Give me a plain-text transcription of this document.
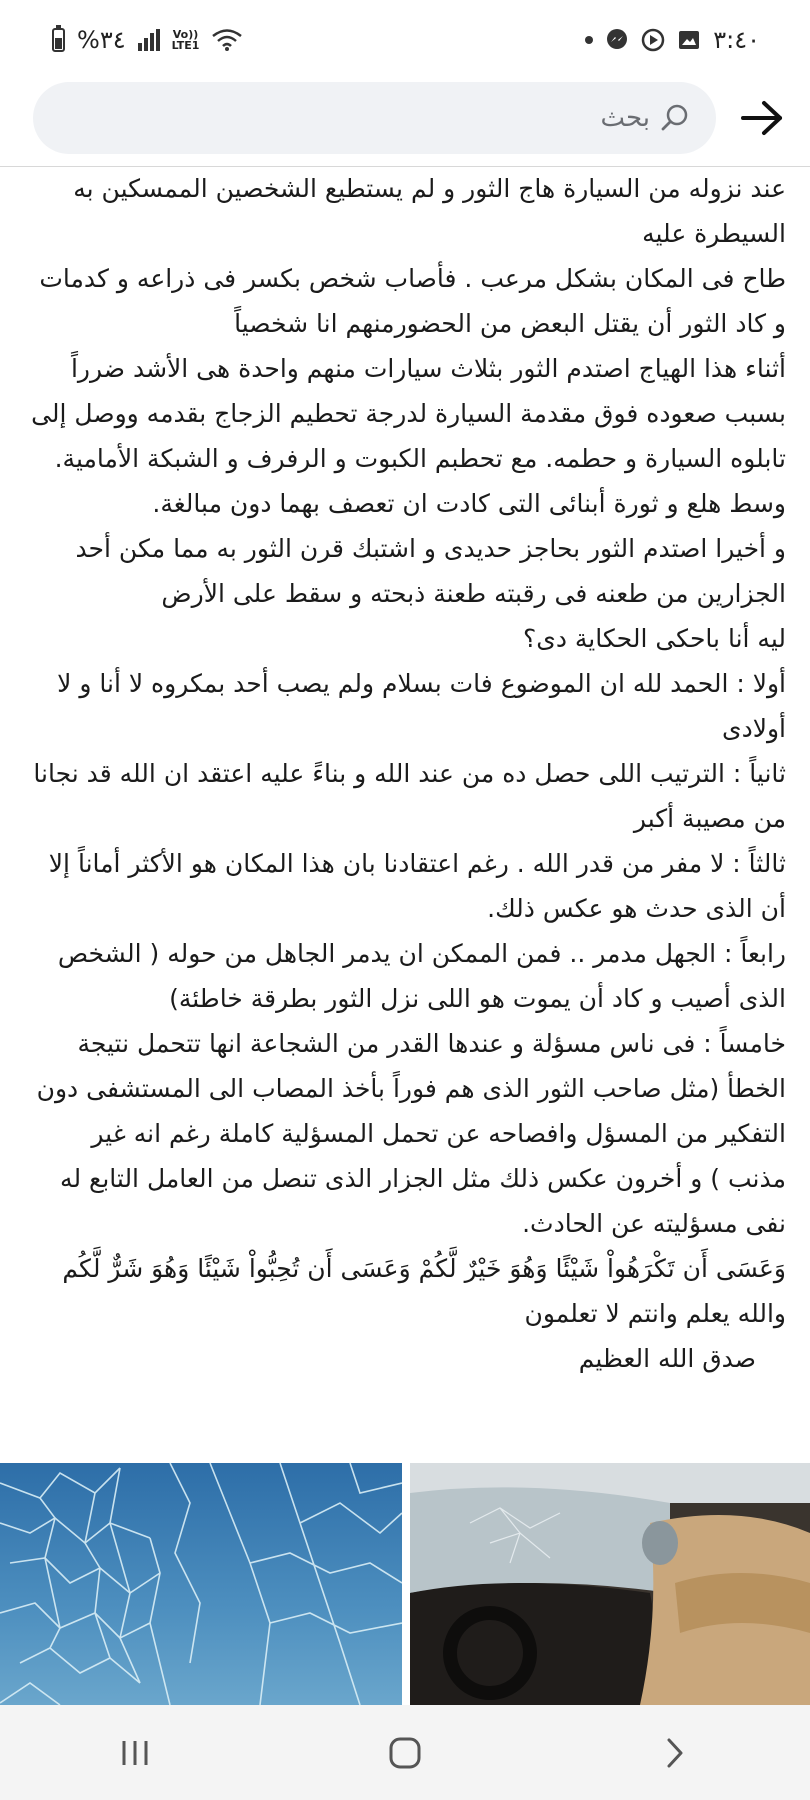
%٣٤	Vo))
LTE1	٣:٤٠
بحث

عند نزوله من السيارة هاج الثور و لم يستطيع الشخصين الممسكين به السيطرة عليه

طاح فى المكان بشكل مرعب . فأصاب شخص بكسر فى ذراعه و كدمات و كاد الثور أن يقتل البعض من الحضورمنهم انا شخصياً

أثناء هذا الهياج اصتدم الثور بثلاث سيارات منهم واحدة هى الأشد ضرراً بسبب صعوده فوق مقدمة السيارة لدرجة تحطيم الزجاج بقدمه ووصل إلى تابلوه السيارة و حطمه. مع تحطبم الكبوت و الرفرف و الشبكة الأمامية. وسط هلع و ثورة أبنائى التى كادت ان تعصف بهما دون مبالغة.

و أخيرا اصتدم الثور بحاجز حديدى و اشتبك قرن الثور به مما مكن أحد الجزارين من طعنه فى رقبته طعنة ذبحته و سقط على الأرض

ليه أنا باحكى الحكاية دى؟

أولا : الحمد لله ان الموضوع فات بسلام ولم يصب أحد بمكروه لا أنا و لا أولادى

ثانياً : الترتيب اللى حصل ده من عند الله و بناءً عليه اعتقد ان الله قد نجانا من مصيبة أكبر

ثالثاً : لا مفر من قدر الله . رغم اعتقادنا بان هذا المكان هو الأكثر أماناً إلا أن الذى حدث هو عكس ذلك.

رابعاً : الجهل مدمر .. فمن الممكن ان يدمر الجاهل من حوله ( الشخص الذى أصيب و كاد أن يموت هو اللى نزل الثور بطرقة خاطئة)

خامساً : فى ناس مسؤلة و عندها القدر من الشجاعة انها تتحمل نتيجة الخطأ (مثل صاحب الثور الذى هم فوراً بأخذ المصاب الى المستشفى دون التفكير من المسؤل وافصاحه عن تحمل المسؤلية كاملة رغم انه غير مذنب ) و أخرون عكس ذلك مثل الجزار الذى تنصل من العامل التابع له نفى مسؤليته عن الحادث.

وَعَسَى أَن تَكْرَهُواْ شَيْئًا وَهُوَ خَيْرٌ لَّكُمْ وَعَسَى أَن تُحِبُّواْ شَيْئًا وَهُوَ شَرٌّ لَّكُم والله يعلم وانتم لا تعلمون

صدق الله العظيم
